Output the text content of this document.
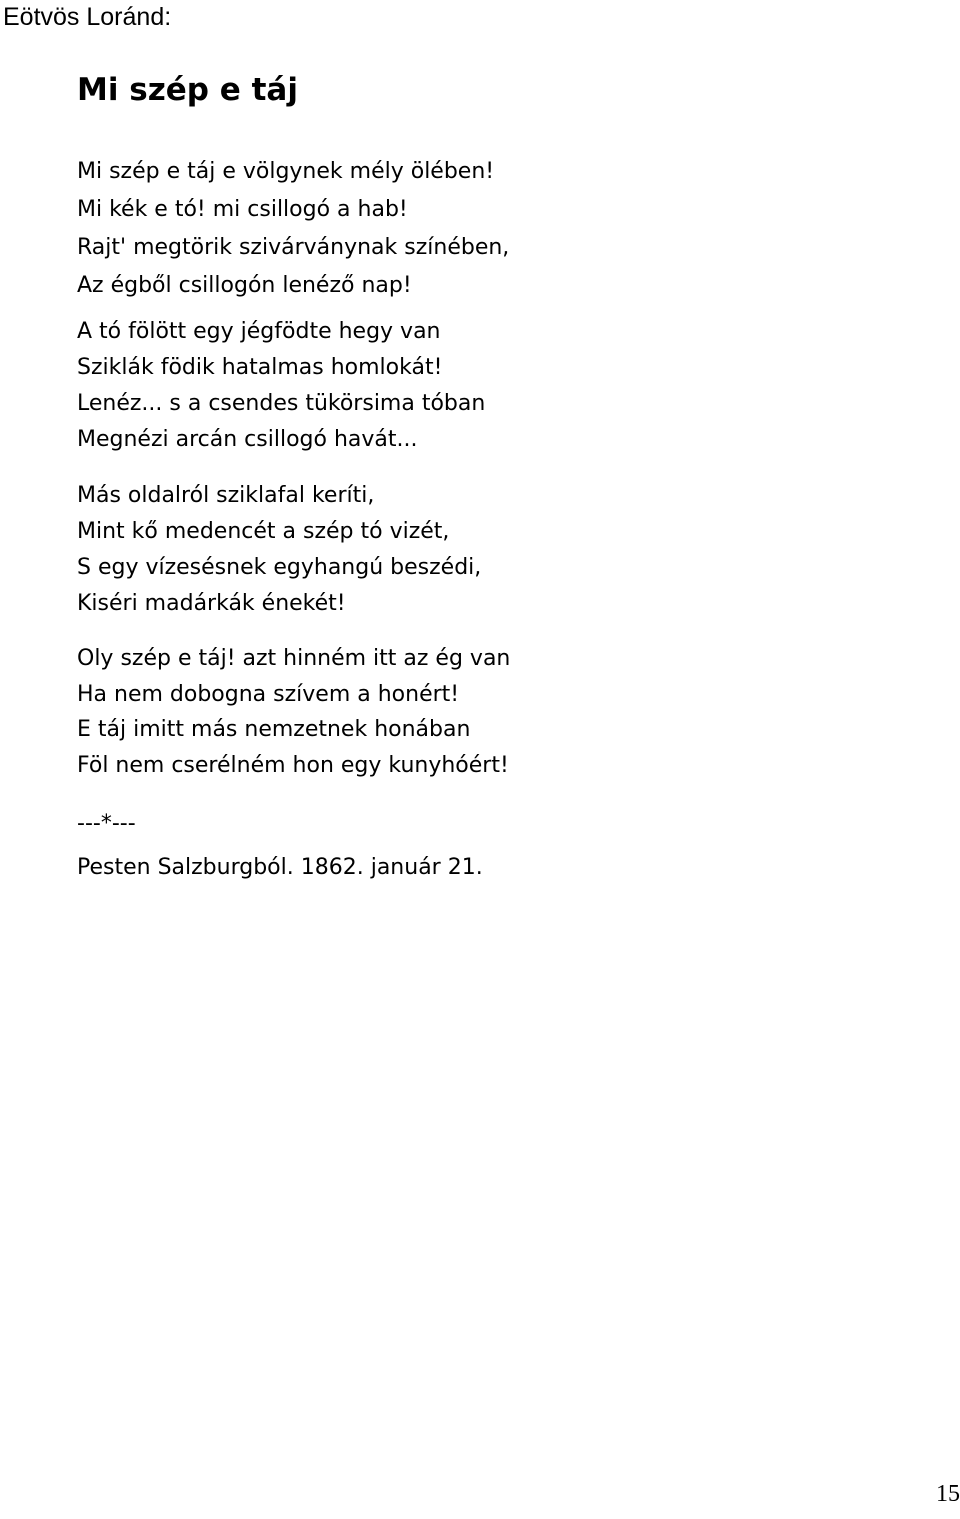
Eötvös Loránd:
Mi szép e táj
Mi szép e táj e völgynek mély ölében!
Mi kék e tó! mi csillogó a hab!
Rajt' megtörik szivárványnak színében,
Az égből csillogón lenéző nap!
A tó fölött egy jégfödte hegy van
Sziklák födik hatalmas homlokát!
Lenéz... s a csendes tükörsima tóban
Megnézi arcán csillogó havát...
Más oldalról sziklafal keríti,
Mint kő medencét a szép tó vizét,
S egy vízesésnek egyhangú beszédi,
Kiséri madárkák énekét!
Oly szép e táj! azt hinném itt az ég van
Ha nem dobogna szívem a honért!
E táj imitt más nemzetnek honában
Föl nem cserélném hon egy kunyhóért!
---*---
Pesten Salzburgból. 1862. január 21.
15
